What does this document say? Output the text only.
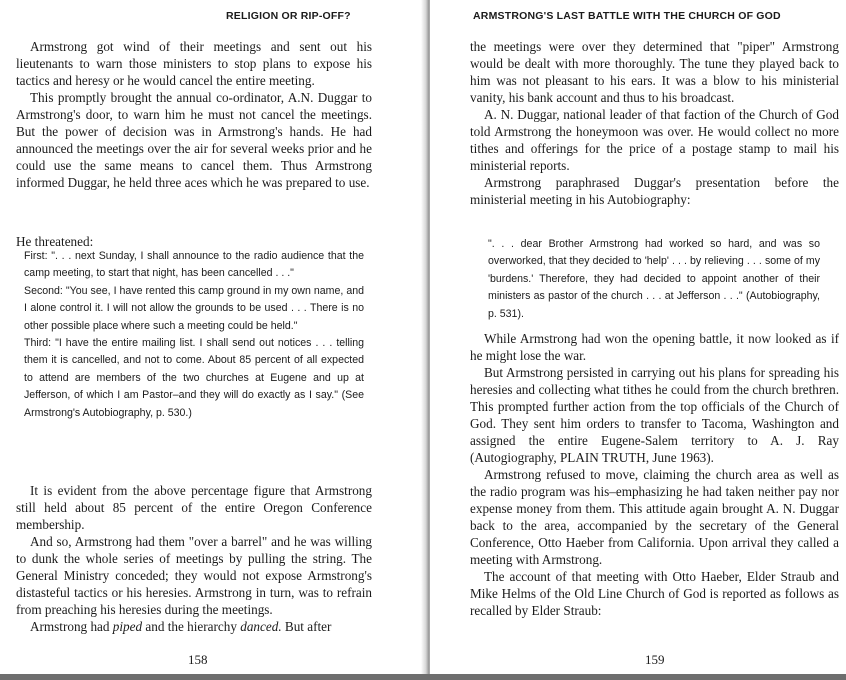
RELIGION OR RIP-OFF?

Armstrong got wind of their meetings and sent out his lieutenants to warn those ministers to stop plans to expose his tactics and heresy or he would cancel the entire meeting.

This promptly brought the annual co-ordinator, A.N. Duggar to Armstrong's door, to warn him he must not cancel the meetings. But the power of decision was in Armstrong's hands. He had announced the meetings over the air for several weeks prior and he could use the same means to cancel them. Thus Armstrong informed Duggar, he held three aces which he was prepared to use.

He threatened:

First: ". . . next Sunday, I shall announce to the radio audience that the camp meeting, to start that night, has been cancelled . . ."

Second: "You see, I have rented this camp ground in my own name, and I alone control it. I will not allow the grounds to be used . . . There is no other possible place where such a meeting could be held."

Third: "I have the entire mailing list. I shall send out notices . . . telling them it is cancelled, and not to come. About 85 percent of all expected to attend are members of the two churches at Eugene and up at Jefferson, of which I am Pastor–and they will do exactly as I say." (See Armstrong's Autobiography, p. 530.)

It is evident from the above percentage figure that Armstrong still held about 85 percent of the entire Oregon Conference membership.

And so, Armstrong had them "over a barrel" and he was willing to dunk the whole series of meetings by pulling the string. The General Ministry conceded; they would not expose Armstrong's distasteful tactics or his heresies. Armstrong in turn, was to refrain from preaching his heresies during the meetings.

Armstrong had piped and the hierarchy danced. But after

158
ARMSTRONG'S LAST BATTLE WITH THE CHURCH OF GOD

the meetings were over they determined that "piper" Armstrong would be dealt with more thoroughly. The tune they played back to him was not pleasant to his ears. It was a blow to his ministerial vanity, his bank account and thus to his broadcast.

A. N. Duggar, national leader of that faction of the Church of God told Armstrong the honeymoon was over. He would collect no more tithes and offerings for the price of a postage stamp to mail his ministerial reports.

Armstrong paraphrased Duggar's presentation before the ministerial meeting in his Autobiography:

". . . dear Brother Armstrong had worked so hard, and was so overworked, that they decided to 'help' . . . by relieving . . . some of my 'burdens.' Therefore, they had decided to appoint another of their ministers as pastor of the church . . . at Jefferson . . ." (Autobiography, p. 531).

While Armstrong had won the opening battle, it now looked as if he might lose the war.

But Armstrong persisted in carrying out his plans for spreading his heresies and collecting what tithes he could from the church brethren. This prompted further action from the top officials of the Church of God. They sent him orders to transfer to Tacoma, Washington and assigned the entire Eugene-Salem territory to A. J. Ray (Autogiography, PLAIN TRUTH, June 1963).

Armstrong refused to move, claiming the church area as well as the radio program was his–emphasizing he had taken neither pay nor expense money from them. This attitude again brought A. N. Duggar back to the area, accompanied by the secretary of the General Conference, Otto Haeber from California. Upon arrival they called a meeting with Armstrong.

The account of that meeting with Otto Haeber, Elder Straub and Mike Helms of the Old Line Church of God is reported as follows as recalled by Elder Straub:

159
